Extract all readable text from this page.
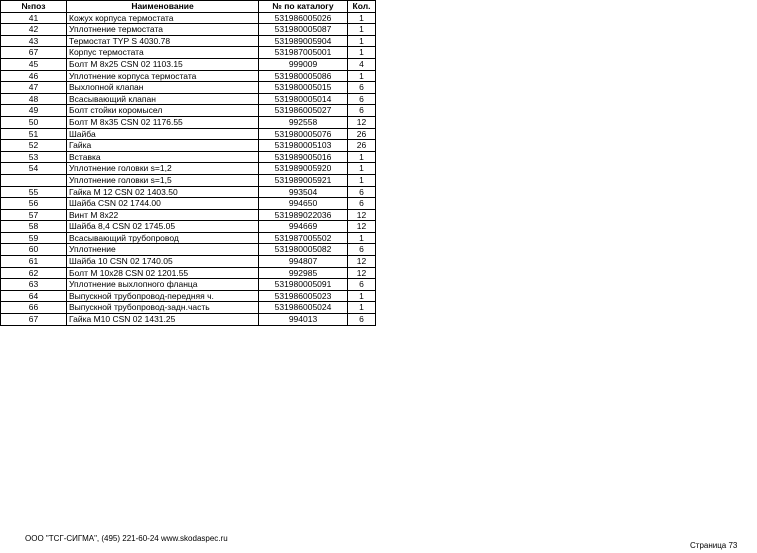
№поз	Наименование	№ по каталогу	Кол.
41	Кожух корпуса термостата	531986005026	1
42	Уплотнение термостата	531980005087	1
43	Термостат TYP S 4030.78	531989005904	1
67	Корпус термостата	531987005001	1
45	Болт М 8x25 CSN 02 1103.15	999009	4
46	Уплотнение корпуса термостата	531980005086	1
47	Выхлопной клапан	531980005015	6
48	Всасывающий клапан	531980005014	6
49	Болт стойки коромысел	531986005027	6
50	Болт М 8x35 CSN 02 1176.55	992558	12
51	Шайба	531980005076	26
52	Гайка	531980005103	26
53	Вставка	531989005016	1
54	Уплотнение головки s=1,2	531989005920	1
	Уплотнение головки s=1,5	531989005921	1
55	Гайка М 12 CSN 02 1403.50	993504	6
56	Шайба CSN 02 1744.00	994650	6
57	Винт М 8x22	531989022036	12
58	Шайба 8,4 CSN 02 1745.05	994669	12
59	Всасывающий трубопровод	531987005502	1
60	Уплотнение	531980005082	6
61	Шайба 10 CSN 02 1740.05	994807	12
62	Болт М 10x28 CSN 02 1201.55	992985	12
63	Уплотнение выхлопного фланца	531980005091	6
64	Выпускной трубопровод-передняя ч.	531986005023	1
66	Выпускной трубопровод-задн.часть	531986005024	1
67	Гайка М10 CSN 02 1431.25	994013	6
ООО "ТСГ-СИГМА", (495) 221-60-24 www.skodaspec.ru
Страница 73
